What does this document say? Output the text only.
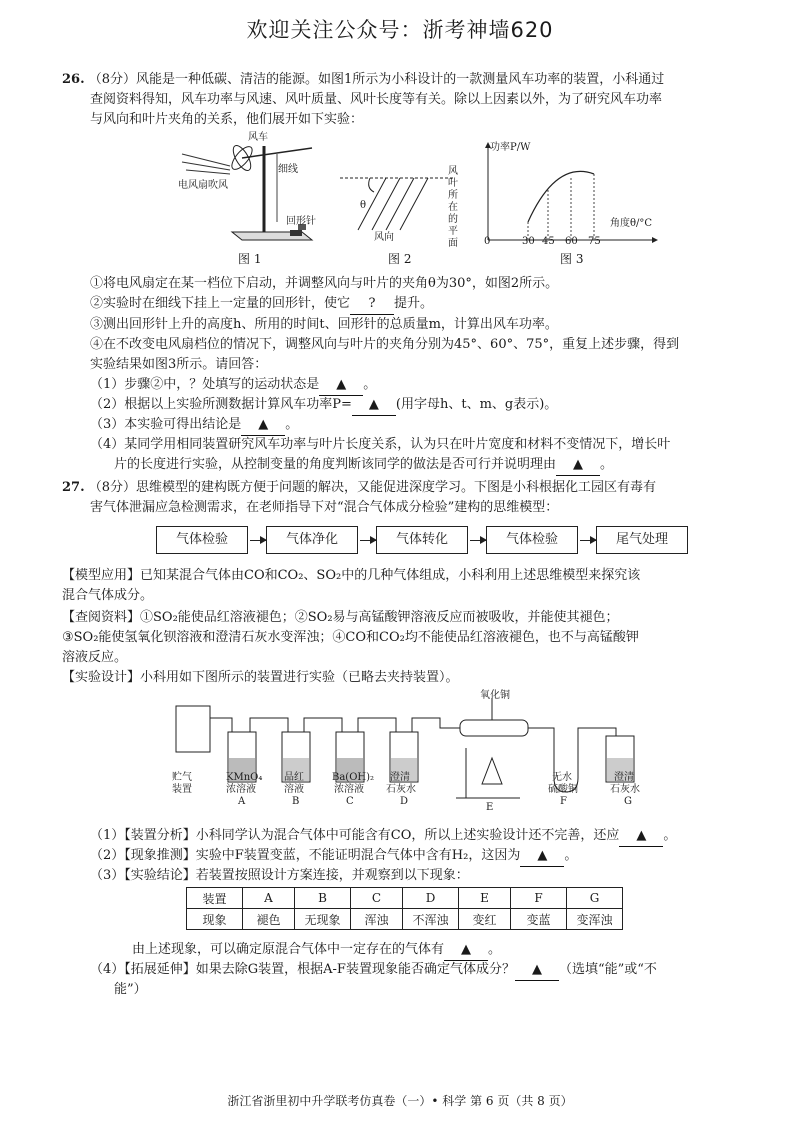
欢迎关注公众号：浙考神墙620
26. （8分）风能是一种低碳、清洁的能源。如图1所示为小科设计的一款测量风车功率的装置，小科通过
查阅资料得知，风车功率与风速、风叶质量、风叶长度等有关。除以上因素以外，为了研究风车功率
与风向和叶片夹角的关系，他们展开如下实验：
电风扇吹风
风车
细线
回形针
图 1
θ
风向
风叶所在的平面
图 2
功率P/W
角度θ/°C
0	30 45 60 75
图 3
①将电风扇定在某一档位下启动，并调整风向与叶片的夹角θ为30°，如图2所示。
②实验时在细线下挂上一定量的回形针，使它 ? 提升。
③测出回形针上升的高度h、所用的时间t、回形针的总质量m，计算出风车功率。
④在不改变电风扇档位的情况下，调整风向与叶片的夹角分别为45°、60°、75°，重复上述步骤，得到
实验结果如图3所示。请回答：
（1）步骤②中，？处填写的运动状态是 ▲ 。
（2）根据以上实验所测数据计算风车功率P= ▲ (用字母h、t、m、g表示)。
（3）本实验可得出结论是 ▲ 。
（4）某同学用相同装置研究风车功率与叶片长度关系，认为只在叶片宽度和材料不变情况下，增长叶
片的长度进行实验，从控制变量的角度判断该同学的做法是否可行并说明理由 ▲ 。
27. （8分）思维模型的建构既方便于问题的解决，又能促进深度学习。下图是小科根据化工园区有毒有
害气体泄漏应急检测需求，在老师指导下对“混合气体成分检验”建构的思维模型：
气体检验	气体净化	气体转化	气体检验	尾气处理
【模型应用】已知某混合气体由CO和CO₂、SO₂中的几种气体组成，小科利用上述思维模型来探究该
混合气体成分。
【查阅资料】①SO₂能使品红溶液褪色；②SO₂易与高锰酸钾溶液反应而被吸收，并能使其褪色；
③SO₂能使氢氧化钡溶液和澄清石灰水变浑浊；④CO和CO₂均不能使品红溶液褪色，也不与高锰酸钾
溶液反应。
【实验设计】小科用如下图所示的装置进行实验（已略去夹持装置）。
贮气
装置
KMnO₄
浓溶液
A
品红
溶液
B
Ba(OH)₂
浓溶液
C
澄清
石灰水
D
氧化铜
E
无水
硫酸铜
F
澄清
石灰水
G
（1）【装置分析】小科同学认为混合气体中可能含有CO，所以上述实验设计还不完善，还应 ▲ 。
（2）【现象推测】实验中F装置变蓝，不能证明混合气体中含有H₂，这因为 ▲ 。
（3）【实验结论】若装置按照设计方案连接，并观察到以下现象：
装置	A	B	C	D	E	F	G
现象	褪色	无现象	浑浊	不浑浊	变红	变蓝	变浑浊
由上述现象，可以确定原混合气体中一定存在的气体有 ▲ 。
（4）【拓展延伸】如果去除G装置，根据A-F装置现象能否确定气体成分？ ▲ （选填“能”或“不
能”）
浙江省浙里初中升学联考仿真卷（一）• 科学 第 6 页（共 8 页）
